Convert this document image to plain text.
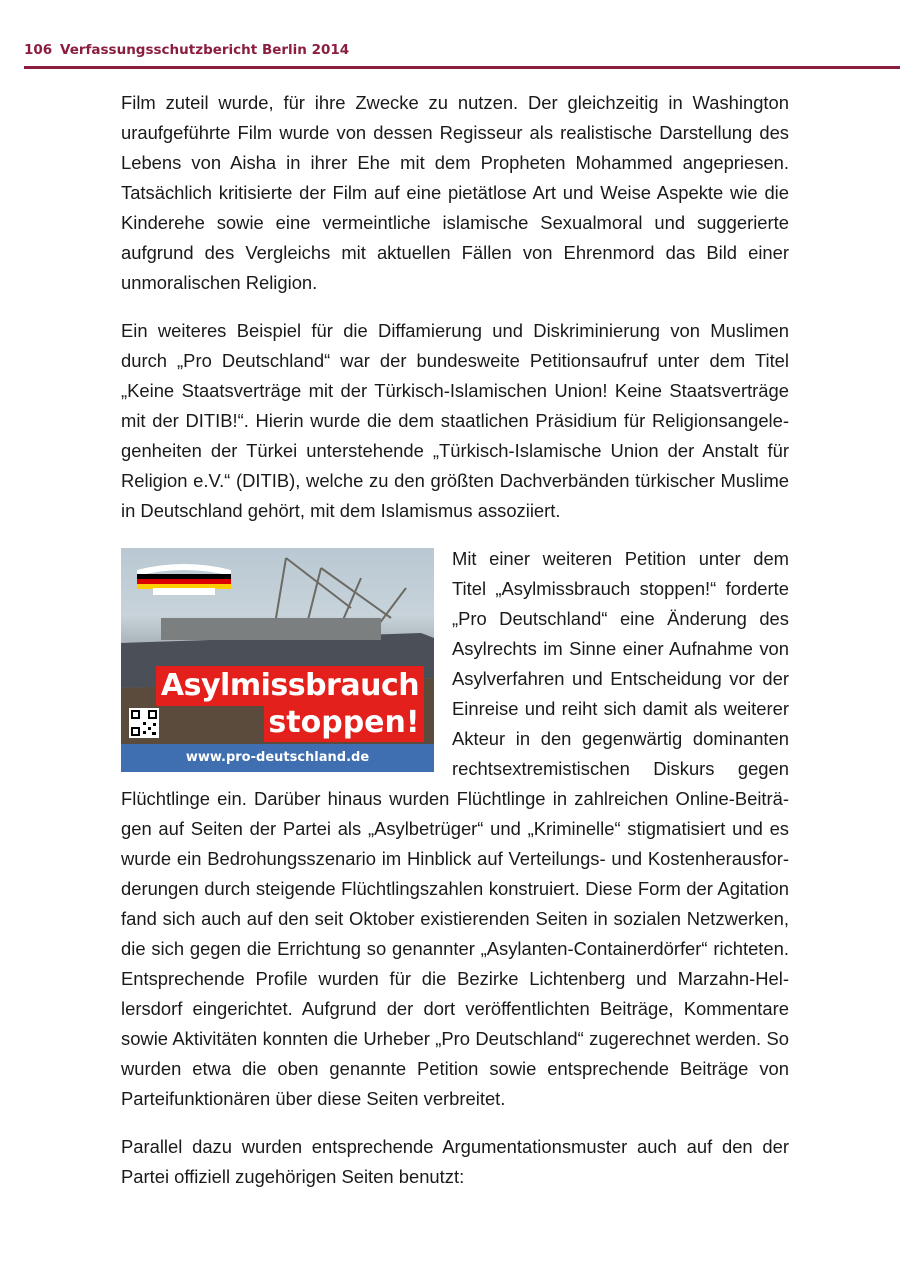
106 Verfassungsschutzbericht Berlin 2014

Film zuteil wurde, für ihre Zwecke zu nutzen. Der gleichzeitig in Washington uraufgeführte Film wurde von dessen Regisseur als realistische Darstellung des Lebens von Aisha in ihrer Ehe mit dem Propheten Mohammed angepriesen. Tatsächlich kritisierte der Film auf eine pietätlose Art und Weise Aspekte wie die Kinderehe sowie eine vermeintliche islamische Sexualmoral und suggerierte aufgrund des Vergleichs mit aktuellen Fällen von Ehrenmord das Bild einer unmoralischen Religion.

Ein weiteres Beispiel für die Diffamierung und Diskriminierung von Muslimen durch „Pro Deutschland“ war der bundesweite Petitionsaufruf unter dem Titel „Keine Staatsverträge mit der Türkisch-Islamischen Union! Keine Staatsverträge mit der DITIB!“. Hierin wurde die dem staatlichen Präsidium für Religionsangelegenheiten der Türkei unterstehende „Türkisch-Islamische Union der Anstalt für Religion e.V.“ (DITIB), welche zu den größten Dachverbänden türkischer Muslime in Deutschland gehört, mit dem Islamismus assoziiert.

Asylmissbrauch
stoppen!
www.pro-deutschland.de

Mit einer weiteren Petition unter dem Titel „Asylmissbrauch stoppen!“ forderte „Pro Deutschland“ eine Änderung des Asylrechts im Sinne einer Aufnahme von Asylverfahren und Entscheidung vor der Einreise und reiht sich damit als weiterer Akteur in den gegenwärtig dominanten rechtsextremistischen Diskurs gegen Flüchtlinge ein. Darüber hinaus wurden Flüchtlinge in zahlreichen Online-Beiträgen auf Seiten der Partei als „Asylbetrüger“ und „Kriminelle“ stigmatisiert und es wurde ein Bedrohungsszenario im Hinblick auf Verteilungs- und Kostenherausforderungen durch steigende Flüchtlingszahlen konstruiert. Diese Form der Agitation fand sich auch auf den seit Oktober existierenden Seiten in sozialen Netzwerken, die sich gegen die Errichtung so genannter „Asylanten-Containerdörfer“ richteten. Entsprechende Profile wurden für die Bezirke Lichtenberg und Marzahn-Hellersdorf eingerichtet. Aufgrund der dort veröffentlichten Beiträge, Kommentare sowie Aktivitäten konnten die Urheber „Pro Deutschland“ zugerechnet werden. So wurden etwa die oben genannte Petition sowie entsprechende Beiträge von Parteifunktionären über diese Seiten verbreitet.

Parallel dazu wurden entsprechende Argumentationsmuster auch auf den der Partei offiziell zugehörigen Seiten benutzt:
